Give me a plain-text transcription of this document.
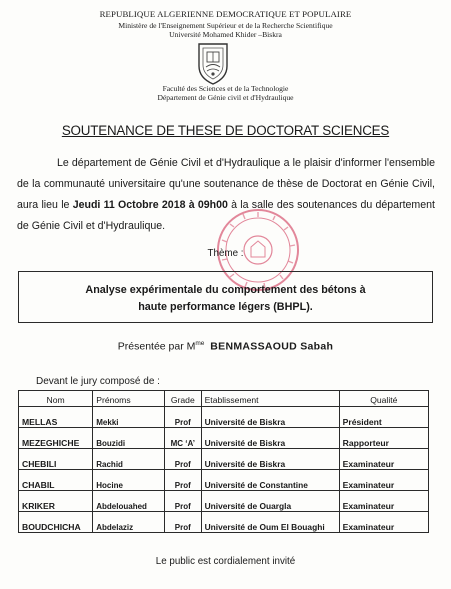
REPUBLIQUE ALGERIENNE DEMOCRATIQUE ET POPULAIRE
Ministère de l'Enseignement Supérieur et de la Recherche Scientifique
Université Mohamed Khider –Biskra
Faculté des Sciences et de la Technologie
Département de Génie civil et d'Hydraulique
SOUTENANCE DE THESE DE DOCTORAT SCIENCES
Le département de Génie Civil et d'Hydraulique a le plaisir d'informer l'ensemble de la communauté universitaire qu'une soutenance de thèse de Doctorat en Génie Civil, aura lieu le Jeudi 11 Octobre 2018 à 09h00 à la salle des soutenances du département de Génie Civil et d'Hydraulique.
Thème :
Analyse expérimentale du comportement des bétons à haute performance légers (BHPL).
Présentée par $M^{me}$ BENMASSAOUD Sabah
Devant le jury composé de :
Nom	Prénoms	Grade	Etablissement	Qualité
MELLAS	Mekki	Prof	Université de Biskra	Président
MEZEGHICHE	Bouzidi	MC ‘A’	Université de Biskra	Rapporteur
CHEBILI	Rachid	Prof	Université de Biskra	Examinateur
CHABIL	Hocine	Prof	Université de Constantine	Examinateur
KRIKER	Abdelouahed	Prof	Université de Ouargla	Examinateur
BOUDCHICHA	Abdelaziz	Prof	Université de Oum El Bouaghi	Examinateur
Le public est cordialement invité
